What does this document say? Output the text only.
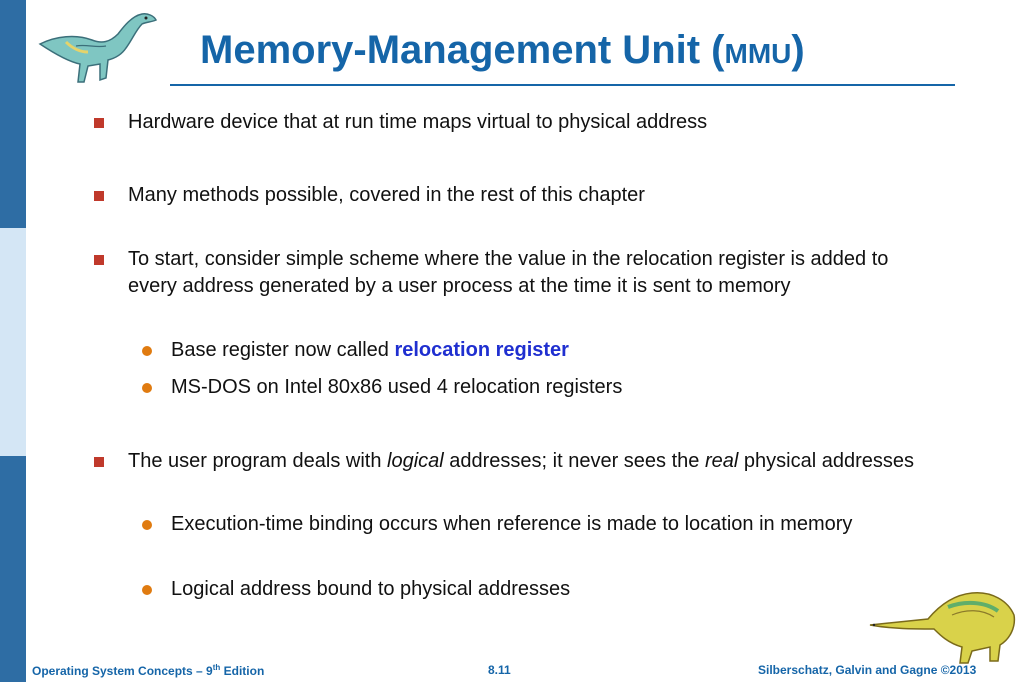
Memory-Management Unit (MMU)
Hardware device that at run time maps virtual to physical address
Many methods possible, covered in the rest of this chapter
To start, consider simple scheme where the value in the relocation register is added to every address generated by a user process at the time it is sent to memory
Base register now called relocation register
MS-DOS on Intel 80x86 used 4 relocation registers
The user program deals with logical addresses; it never sees the real physical addresses
Execution-time binding occurs when reference is made to location in memory
Logical address bound to physical addresses
Operating System Concepts – 9th Edition	8.11	Silberschatz, Galvin and Gagne ©2013
